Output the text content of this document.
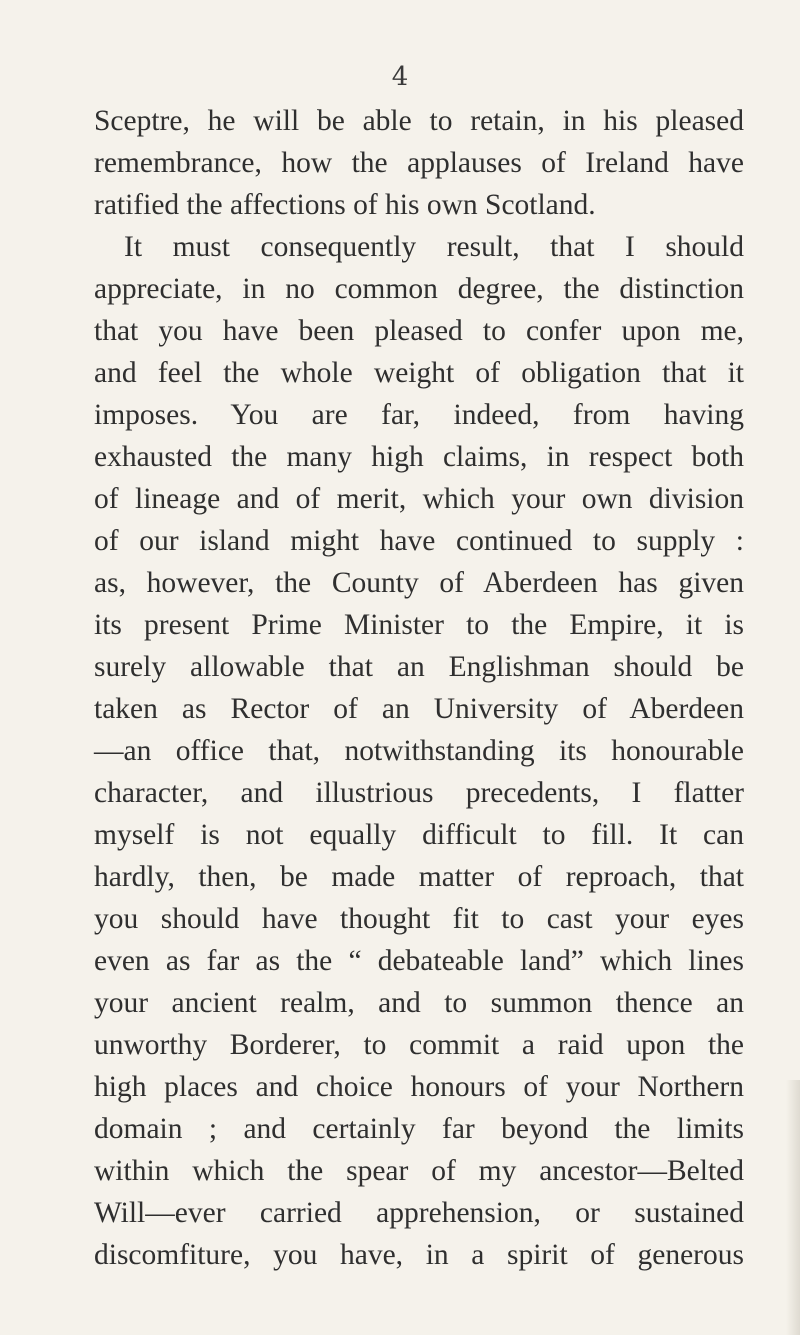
4
Sceptre, he will be able to retain, in his pleased
remembrance, how the applauses of Ireland have
ratified the affections of his own Scotland.
It must consequently result, that I should
appreciate, in no common degree, the distinction
that you have been pleased to confer upon me,
and feel the whole weight of obligation that it
imposes. You are far, indeed, from having
exhausted the many high claims, in respect both
of lineage and of merit, which your own division
of our island might have continued to supply :
as, however, the County of Aberdeen has given
its present Prime Minister to the Empire, it is
surely allowable that an Englishman should be
taken as Rector of an University of Aberdeen
—an office that, notwithstanding its honourable
character, and illustrious precedents, I flatter
myself is not equally difficult to fill. It can
hardly, then, be made matter of reproach, that
you should have thought fit to cast your eyes
even as far as the “ debateable land” which lines
your ancient realm, and to summon thence an
unworthy Borderer, to commit a raid upon the
high places and choice honours of your Northern
domain ; and certainly far beyond the limits
within which the spear of my ancestor—Belted
Will—ever carried apprehension, or sustained
discomfiture, you have, in a spirit of generous
